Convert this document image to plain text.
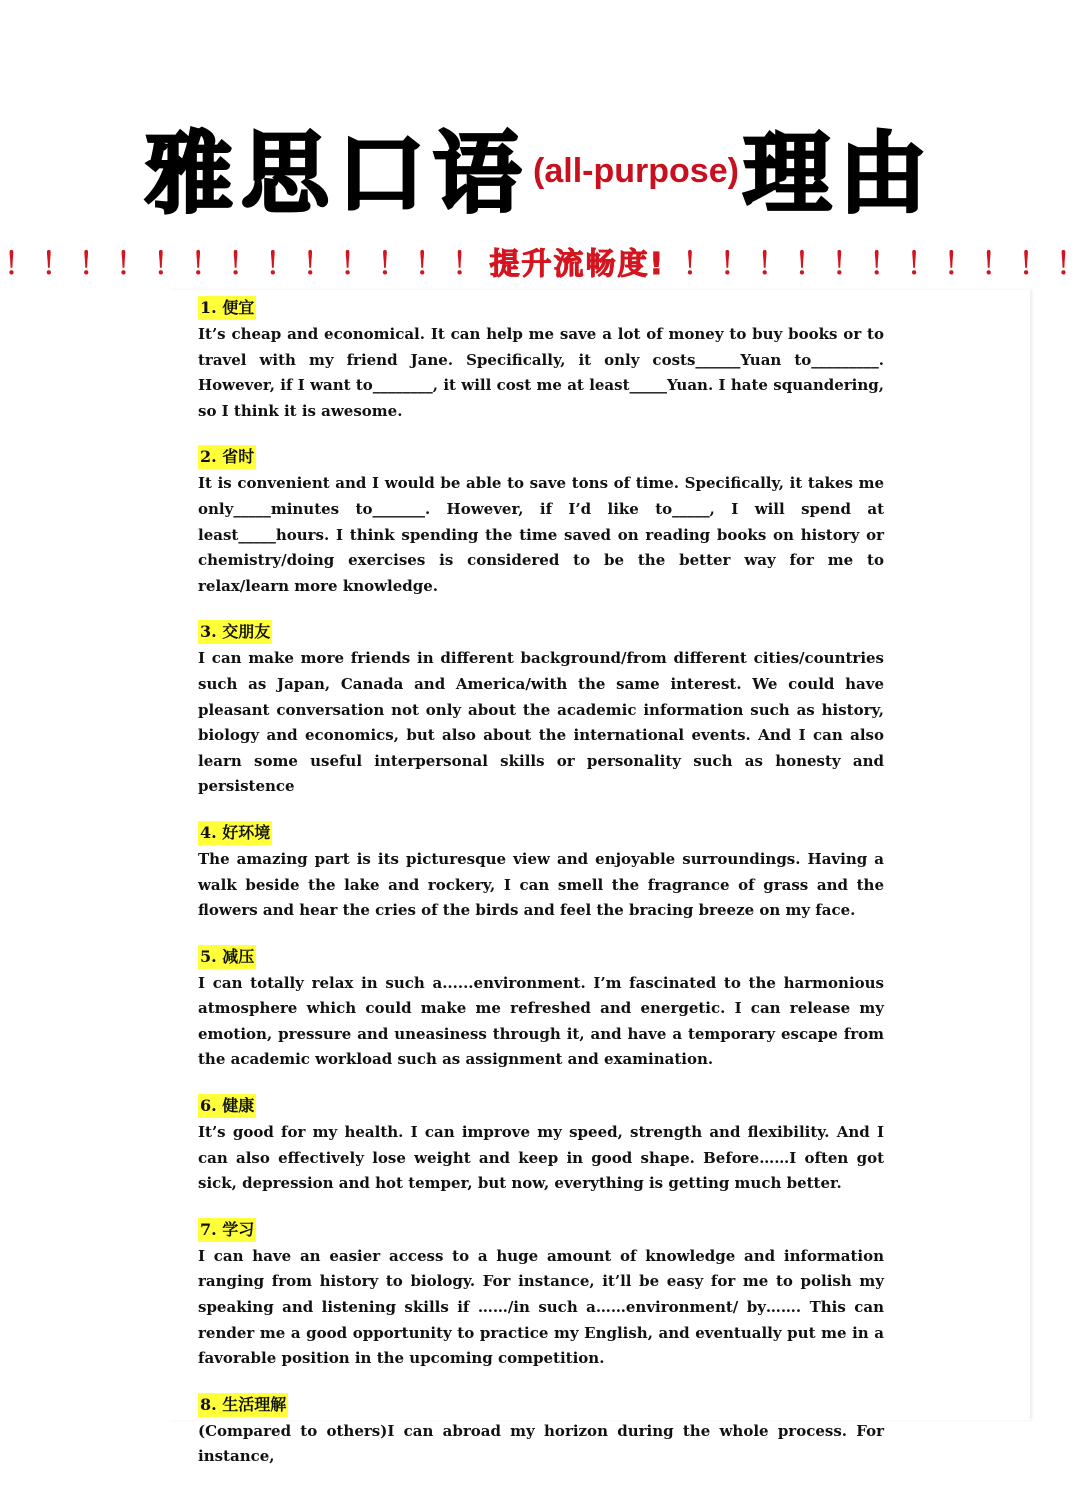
雅思口语 (all-purpose) 理由
！ ！ ！ ！ ！ ！ ！ ！ ！ ！ ！ ！ ！ 提升流畅度! ！ ！ ！ ！ ！ ！ ！ ！ ！ ！ ！
1. 便宜

It’s cheap and economical. It can help me save a lot of money to buy books or to travel with my friend Jane. Specifically, it only costs______Yuan to_________. However, if I want to________, it will cost me at least_____Yuan. I hate squandering, so I think it is awesome.

2. 省时

It is convenient and I would be able to save tons of time. Specifically, it takes me only_____minutes to_______. However, if I’d like to_____, I will spend at least_____hours. I think spending the time saved on reading books on history or chemistry/doing exercises is considered to be the better way for me to relax/learn more knowledge.

3. 交朋友

I can make more friends in different background/from different cities/countries such as Japan, Canada and America/with the same interest. We could have pleasant conversation not only about the academic information such as history, biology and economics, but also about the international events. And I can also learn some useful interpersonal skills or personality such as honesty and persistence

4. 好环境

The amazing part is its picturesque view and enjoyable surroundings. Having a walk beside the lake and rockery, I can smell the fragrance of grass and the flowers and hear the cries of the birds and feel the bracing breeze on my face.

5. 减压

I can totally relax in such a......environment. I’m fascinated to the harmonious atmosphere which could make me refreshed and energetic. I can release my emotion, pressure and uneasiness through it, and have a temporary escape from the academic workload such as assignment and examination.

6. 健康

It’s good for my health. I can improve my speed, strength and flexibility. And I can also effectively lose weight and keep in good shape. Before……I often got sick, depression and hot temper, but now, everything is getting much better.

7. 学习

I can have an easier access to a huge amount of knowledge and information ranging from history to biology. For instance, it’ll be easy for me to polish my speaking and listening skills if ……/in such a……environment/ by……. This can render me a good opportunity to practice my English, and eventually put me in a favorable position in the upcoming competition.

8. 生活理解

(Compared to others)I can abroad my horizon during the whole process. For instance,
